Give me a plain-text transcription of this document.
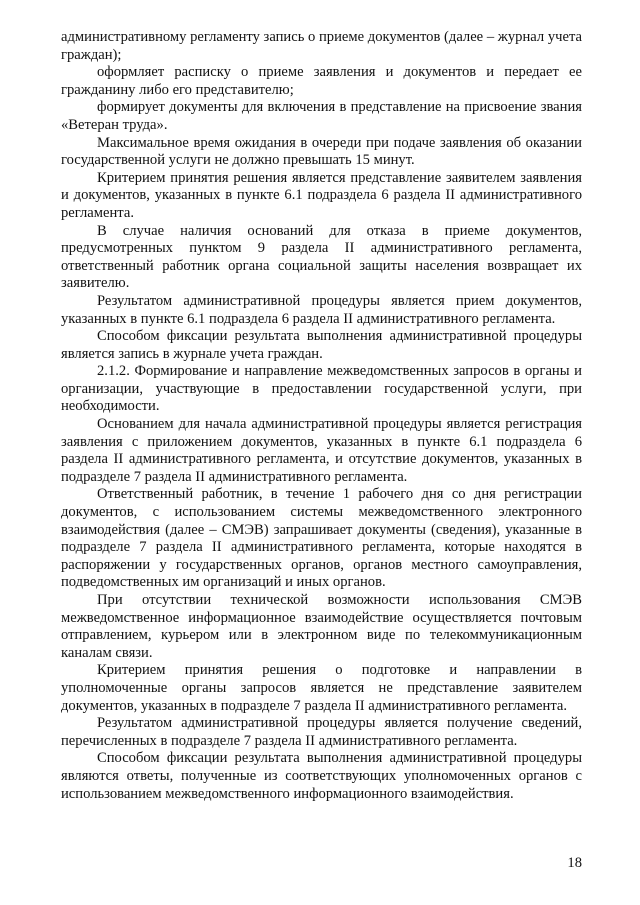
административному регламенту запись о приеме документов (далее – журнал учета граждан);

оформляет расписку о приеме заявления и документов и передает ее гражданину либо его представителю;

формирует документы для включения в представление на присвоение звания «Ветеран труда».

Максимальное время ожидания в очереди при подаче заявления об оказании государственной услуги не должно превышать 15 минут.

Критерием принятия решения является представление заявителем заявления и документов, указанных в пункте 6.1 подраздела 6 раздела II административного регламента.

В случае наличия оснований для отказа в приеме документов, предусмотренных пунктом 9 раздела II административного регламента, ответственный работник органа социальной защиты населения возвращает их заявителю.

Результатом административной процедуры является прием документов, указанных в пункте 6.1 подраздела 6 раздела II административного регламента.

Способом фиксации результата выполнения административной процедуры является запись в журнале учета граждан.

2.1.2. Формирование и направление межведомственных запросов в органы и организации, участвующие в предоставлении государственной услуги, при необходимости.

Основанием для начала административной процедуры является регистрация заявления с приложением документов, указанных в пункте 6.1 подраздела 6 раздела II административного регламента, и отсутствие документов, указанных в подразделе 7 раздела II административного регламента.

Ответственный работник, в течение 1 рабочего дня со дня регистрации документов, с использованием системы межведомственного электронного взаимодействия (далее – СМЭВ) запрашивает документы (сведения), указанные в подразделе 7 раздела II административного регламента, которые находятся в распоряжении у государственных органов, органов местного самоуправления, подведомственных им организаций и иных органов.

При отсутствии технической возможности использования СМЭВ межведомственное информационное взаимодействие осуществляется почтовым отправлением, курьером или в электронном виде по телекоммуникационным каналам связи.

Критерием принятия решения о подготовке и направлении в уполномоченные органы запросов является не представление заявителем документов, указанных в подразделе 7 раздела II административного регламента.

Результатом административной процедуры является получение сведений, перечисленных в подразделе 7 раздела II административного регламента.

Способом фиксации результата выполнения административной процедуры являются ответы, полученные из соответствующих уполномоченных органов с использованием межведомственного информационного взаимодействия.

18
